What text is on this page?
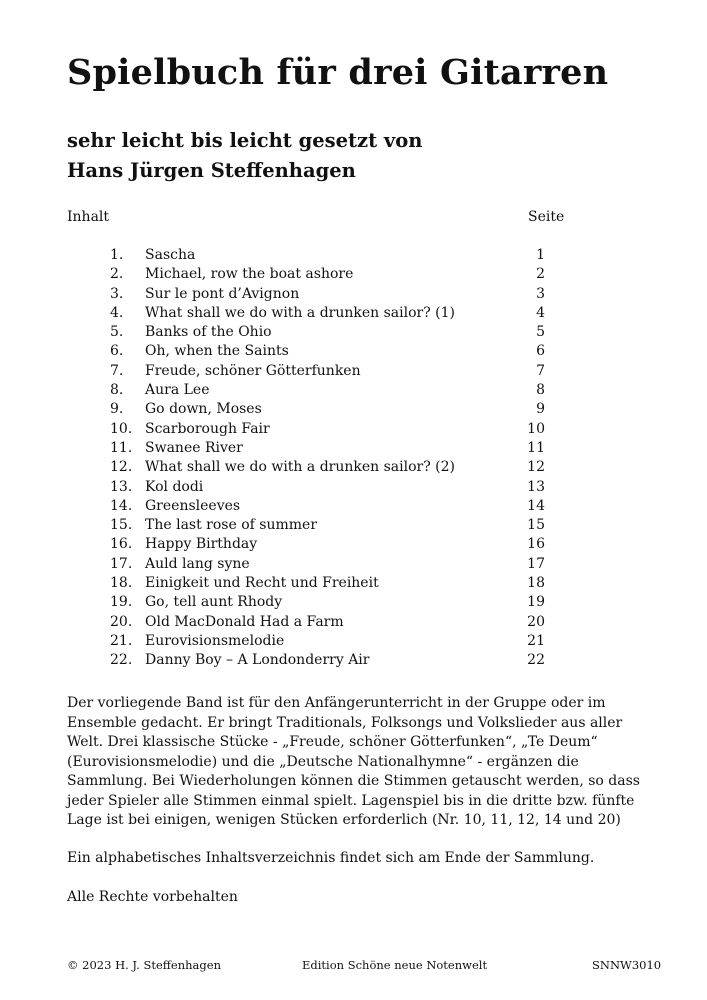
Spielbuch für drei Gitarren
sehr leicht bis leicht gesetzt von
Hans Jürgen Steffenhagen
Inhalt	Seite
1. Sascha	1
2. Michael, row the boat ashore	2
3. Sur le pont d’Avignon	3
4. What shall we do with a drunken sailor? (1)	4
5. Banks of the Ohio	5
6. Oh, when the Saints	6
7. Freude, schöner Götterfunken	7
8. Aura Lee	8
9. Go down, Moses	9
10. Scarborough Fair	10
11. Swanee River	11
12. What shall we do with a drunken sailor? (2)	12
13. Kol dodi	13
14. Greensleeves	14
15. The last rose of summer	15
16. Happy Birthday	16
17. Auld lang syne	17
18. Einigkeit und Recht und Freiheit	18
19. Go, tell aunt Rhody	19
20. Old MacDonald Had a Farm	20
21. Eurovisionsmelodie	21
22. Danny Boy – A Londonderry Air	22

Der vorliegende Band ist für den Anfängerunterricht in der Gruppe oder im Ensemble gedacht. Er bringt Traditionals, Folksongs und Volkslieder aus aller Welt. Drei klassische Stücke - „Freude, schöner Götterfunken“, „Te Deum“ (Eurovisionsmelodie) und die „Deutsche Nationalhymne“ - ergänzen die Sammlung. Bei Wiederholungen können die Stimmen getauscht werden, so dass jeder Spieler alle Stimmen einmal spielt. Lagenspiel bis in die dritte bzw. fünfte Lage ist bei einigen, wenigen Stücken erforderlich (Nr. 10, 11, 12, 14 und 20)

Ein alphabetisches Inhaltsverzeichnis findet sich am Ende der Sammlung.

Alle Rechte vorbehalten

© 2023 H. J. Steffenhagen	Edition Schöne neue Notenwelt	SNNW3010
